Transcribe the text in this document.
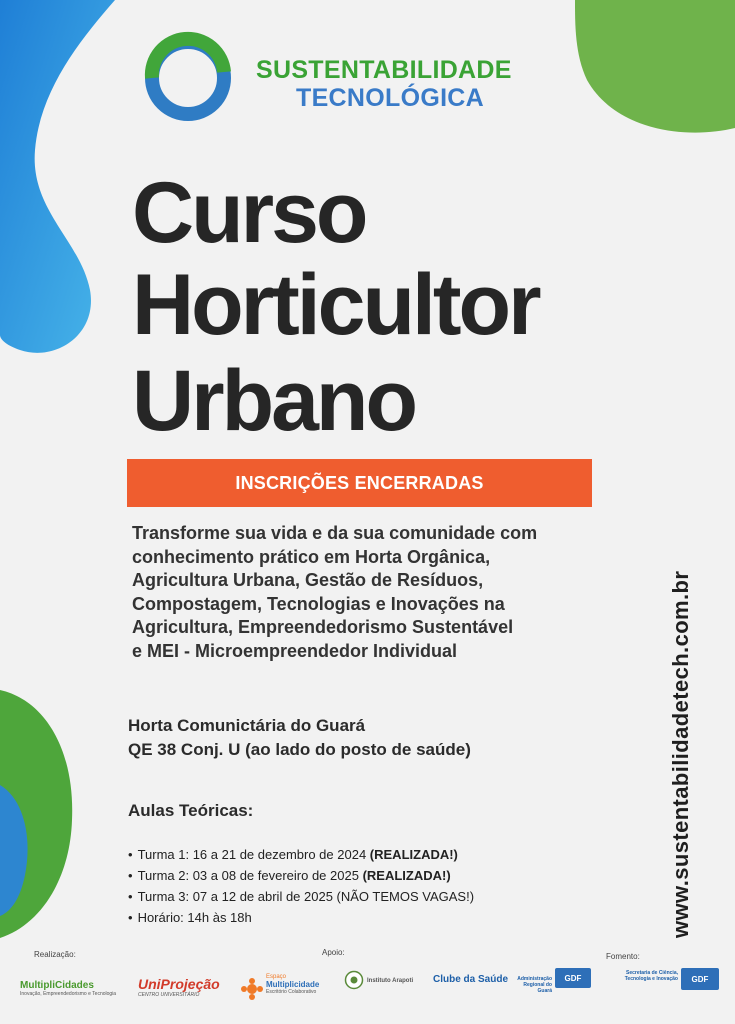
SUSTENTABILIDADE
TECNOLÓGICA
Curso
Horticultor
Urbano
INSCRIÇÕES ENCERRADAS
Transforme sua vida e da sua comunidade com
conhecimento prático em Horta Orgânica,
Agricultura Urbana, Gestão de Resíduos,
Compostagem, Tecnologias e Inovações na
Agricultura, Empreendedorismo Sustentável
e MEI - Microempreendedor Individual
Horta Comunictária do Guará
QE 38 Conj. U (ao lado do posto de saúde)
Aulas Teóricas:
• Turma 1: 16 a 21 de dezembro de 2024 (REALIZADA!)
• Turma 2: 03 a 08 de fevereiro de 2025 (REALIZADA!)
• Turma 3: 07 a 12 de abril de 2025 (NÃO TEMOS VAGAS!)
• Horário: 14h às 18h	www.sustentabilidadetech.com.br
Realização:	Apoio:	Fomento:
MultipliCidades
Inovação, Empreendedorismo e Tecnologia
UniProjeção
CENTRO UNIVERSITÁRIO
Espaço
Multiplicidade
Escritório Colaborativo
Instituto Arapoti Clube da Saúde	Administração Regional do Guará
GDF
Secretaria de Ciência, Tecnologia e Inovação	GDF
